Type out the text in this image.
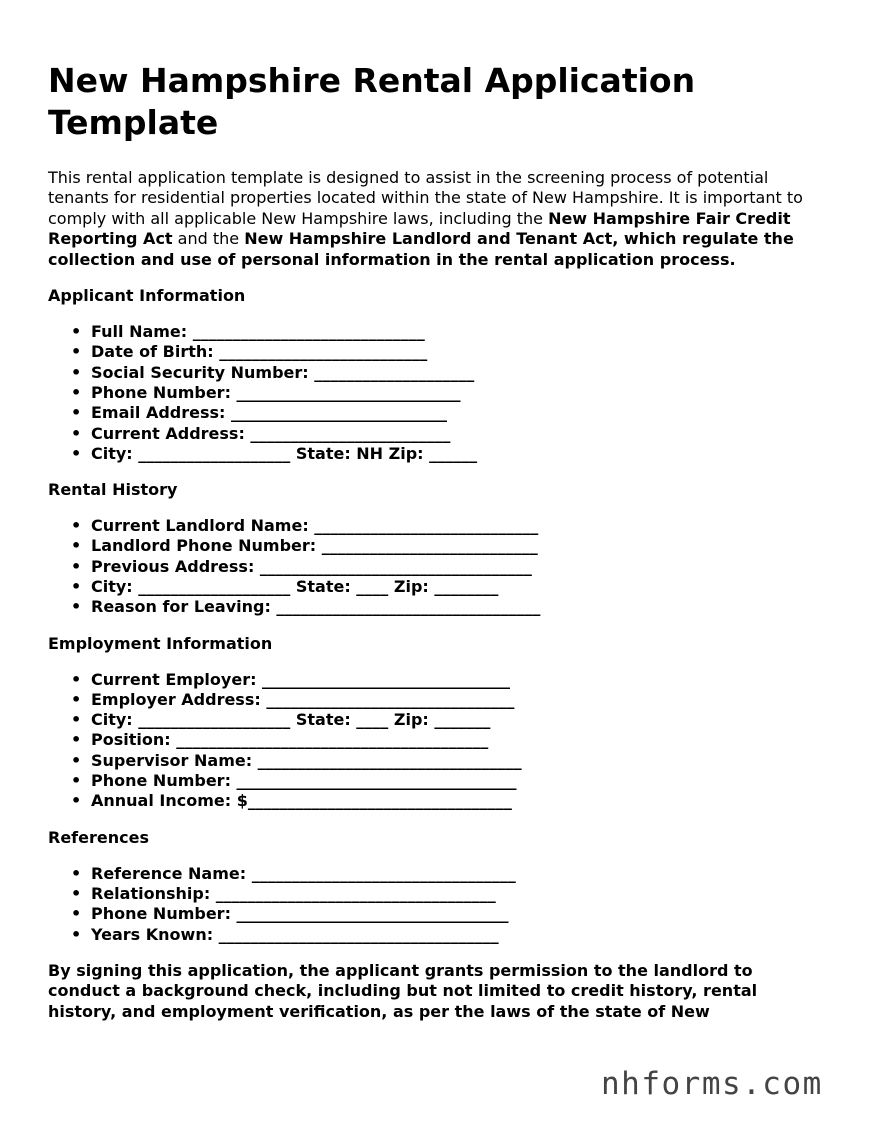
New Hampshire Rental Application Template

This rental application template is designed to assist in the screening process of potential tenants for residential properties located within the state of New Hampshire. It is important to comply with all applicable New Hampshire laws, including the New Hampshire Fair Credit Reporting Act and the New Hampshire Landlord and Tenant Act, which regulate the collection and use of personal information in the rental application process.

Applicant Information
• Full Name: _____________________________
• Date of Birth: __________________________
• Social Security Number: ____________________
• Phone Number: ____________________________
• Email Address: ___________________________
• Current Address: _________________________
• City: ___________________ State: NH Zip: ______
Rental History
• Current Landlord Name: ____________________________
• Landlord Phone Number: ___________________________
• Previous Address: __________________________________
• City: ___________________ State: ____ Zip: ________
• Reason for Leaving: _________________________________
Employment Information
• Current Employer: _______________________________
• Employer Address: _______________________________
• City: ___________________ State: ____ Zip: _______
• Position: _______________________________________
• Supervisor Name: _________________________________
• Phone Number: ___________________________________
• Annual Income: $_________________________________
References
• Reference Name: _________________________________
• Relationship: ___________________________________
• Phone Number: __________________________________
• Years Known: ___________________________________

By signing this application, the applicant grants permission to the landlord to conduct a background check, including but not limited to credit history, rental history, and employment verification, as per the laws of the state of New

nhforms.com
